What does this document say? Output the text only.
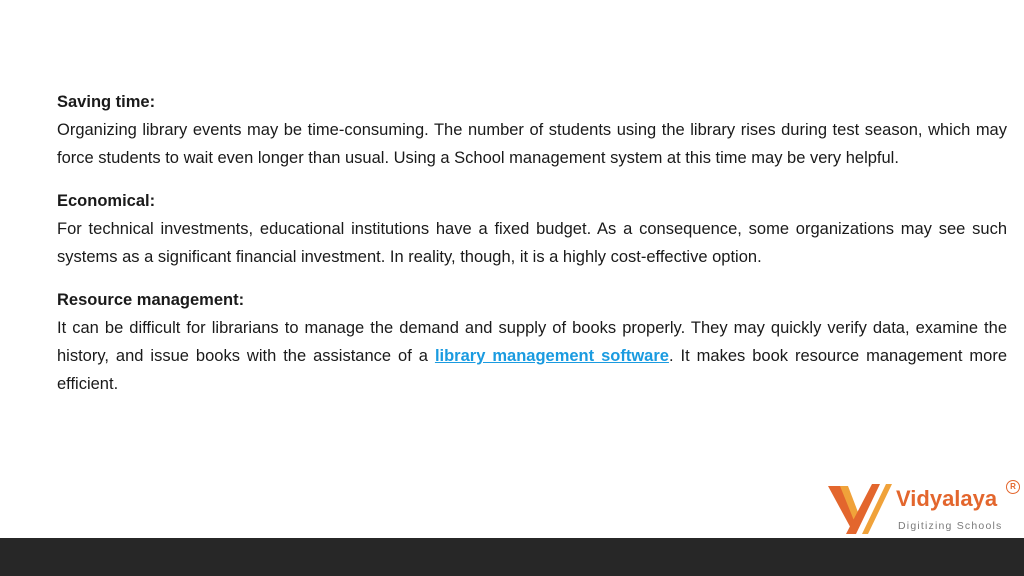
Saving time:

Organizing library events may be time-consuming. The number of students using the library rises during test season, which may force students to wait even longer than usual. Using a School management system at this time may be very helpful.

Economical:

For technical investments, educational institutions have a fixed budget. As a consequence, some organizations may see such systems as a significant financial investment. In reality, though, it is a highly cost-effective option.

Resource management:

It can be difficult for librarians to manage the demand and supply of books properly. They may quickly verify data, examine the history, and issue books with the assistance of a library management software. It makes book resource management more efficient.

Vidyalaya	R
Digitizing Schools
